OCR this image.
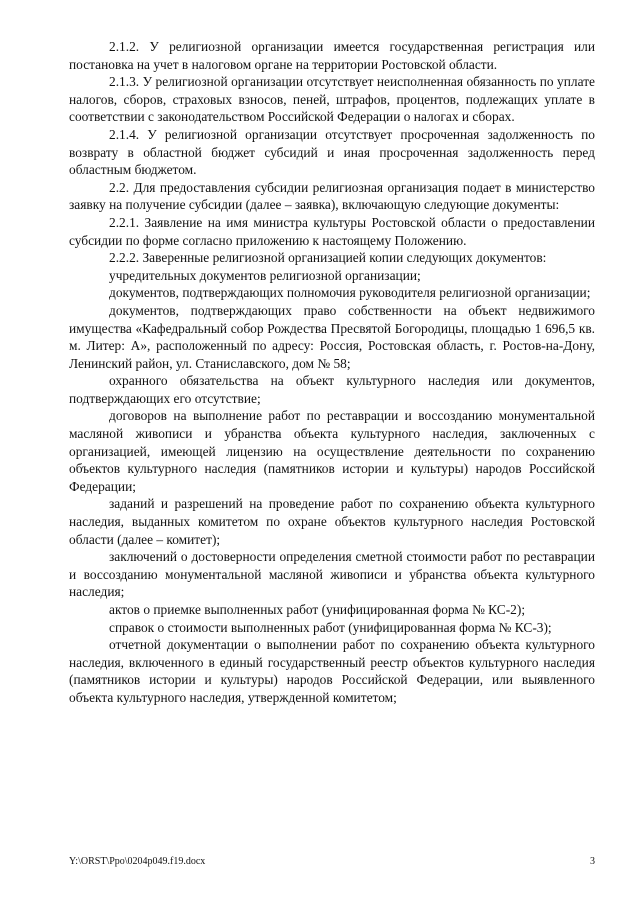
2.1.2. У религиозной организации имеется государственная регистрация или постановка на учет в налоговом органе на территории Ростовской области.

2.1.3. У религиозной организации отсутствует неисполненная обязанность по уплате налогов, сборов, страховых взносов, пеней, штрафов, процентов, подлежащих уплате в соответствии с законодательством Российской Федерации о налогах и сборах.

2.1.4. У религиозной организации отсутствует просроченная задолженность по возврату в областной бюджет субсидий и иная просроченная задолженность перед областным бюджетом.

2.2. Для предоставления субсидии религиозная организация подает в министерство заявку на получение субсидии (далее – заявка), включающую следующие документы:

2.2.1. Заявление на имя министра культуры Ростовской области о предоставлении субсидии по форме согласно приложению к настоящему Положению.

2.2.2. Заверенные религиозной организацией копии следующих документов:

учредительных документов религиозной организации;

документов, подтверждающих полномочия руководителя религиозной организации;

документов, подтверждающих право собственности на объект недвижимого имущества «Кафедральный собор Рождества Пресвятой Богородицы, площадью 1 696,5 кв. м. Литер: А», расположенный по адресу: Россия, Ростовская область, г. Ростов-на-Дону, Ленинский район, ул. Станиславского, дом № 58;

охранного обязательства на объект культурного наследия или документов, подтверждающих его отсутствие;

договоров на выполнение работ по реставрации и воссозданию монументальной масляной живописи и убранства объекта культурного наследия, заключенных с организацией, имеющей лицензию на осуществление деятельности по сохранению объектов культурного наследия (памятников истории и культуры) народов Российской Федерации;

заданий и разрешений на проведение работ по сохранению объекта культурного наследия, выданных комитетом по охране объектов культурного наследия Ростовской области (далее – комитет);

заключений о достоверности определения сметной стоимости работ по реставрации и воссозданию монументальной масляной живописи и убранства объекта культурного наследия;

актов о приемке выполненных работ (унифицированная форма № КС-2);

справок о стоимости выполненных работ (унифицированная форма № КС-3);

отчетной документации о выполнении работ по сохранению объекта культурного наследия, включенного в единый государственный реестр объектов культурного наследия (памятников истории и культуры) народов Российской Федерации, или выявленного объекта культурного наследия, утвержденной комитетом;

Y:\ORST\Ppo\0204p049.f19.docx	3
